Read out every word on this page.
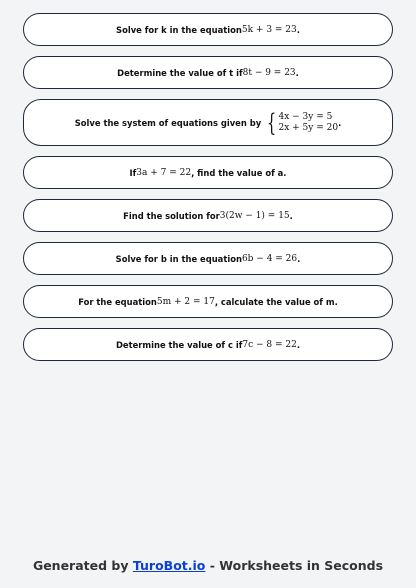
Solve for k in the equation 5k + 3 = 23 .
Determine the value of t if 8t − 9 = 23 .
Solve the system of equations given by { 4x − 3y = 5
2x + 5y = 20 .
If 3a + 7 = 22 , find the value of a.
Find the solution for 3(2w − 1) = 15 .
Solve for b in the equation 6b − 4 = 26 .
For the equation 5m + 2 = 17 , calculate the value of m.
Determine the value of c if 7c − 8 = 22 .
Generated by TuroBot.io - Worksheets in Seconds
